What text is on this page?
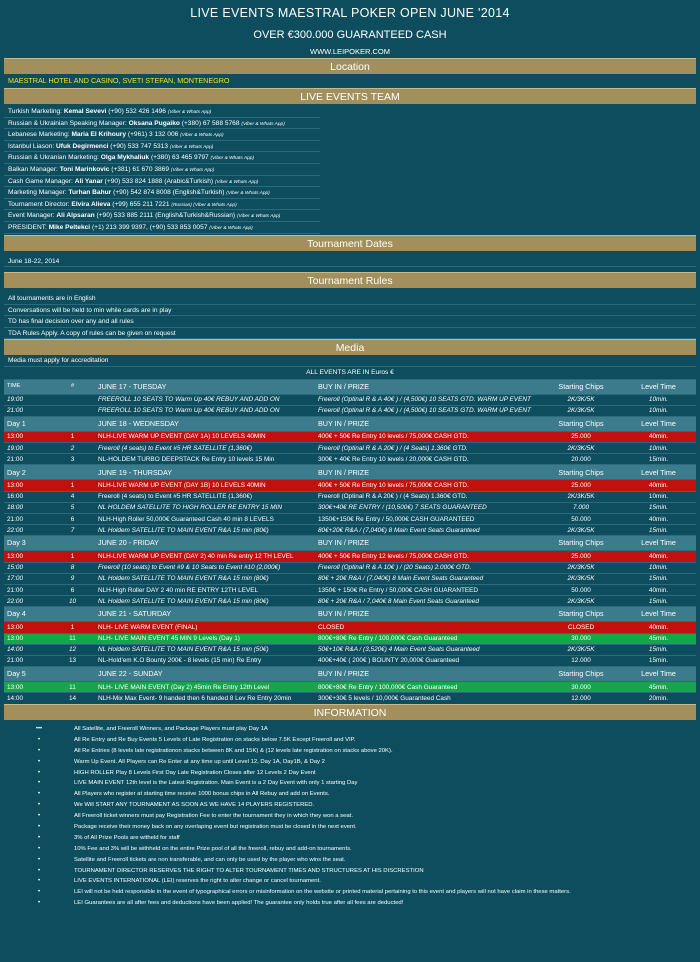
LIVE EVENTS MAESTRAL POKER OPEN JUNE '2014
OVER €300.000 GUARANTEED CASH
WWW.LEIPOKER.COM
Location
MAESTRAL HOTEL AND CASINO, SVETI STEFAN, MONTENEGRO
LIVE EVENTS TEAM
Turkish Marketing: Kemal Sevevi (+90) 532 426 1496 (Viber & Whats App)
Russian & Ukrainian Speaking Manager: Oksana Pugaiko (+380) 67 588 5768 (Viber & Whats App)
Lebanese Marketing: Maria El Krihoury (+961) 3 132 006 (Viber & Whats App)
Istanbul Liason: Ufuk Degirmenci (+90) 533 747 5313 (Viber & Whats App)
Russian & Ukranian Marketing: Olga Mykhaliuk (+380) 63 465 9797 (Viber & Whats App)
Balkan Manager: Toni Marinkovic (+381) 61 670 3869 (Viber & Whats App)
Cash Game Manager: Ali Yanar (+90) 533 824 1888 (Arabic&Turkish) (Viber & Whats App)
Marketing Manager: Turhan Bahur (+90) 542 874 8008 (English&Turkish) (Viber & Whats App)
Tournament Director: Elvira Alieva (+99) 655 211 7221 (Russian) (Viber & Whats App)
Event Manager: Ali Alpsaran (+90) 533 885 2111 (English&Turkish&Russian) (Viber & Whats App)
PRESIDENT: Mike Peltekci (+1) 213 399 9397, (+90) 533 853 0057 (Viber & Whats App)
Tournament Dates
June 18-22, 2014
Tournament Rules
All tournaments are in English
Conversations will be held to min while cards are in play
TD has final decision over any and all rules
TDA Rules Apply. A copy of rules can be given on request
Media
Media must apply for accreditation
ALL EVENTS ARE IN Euros €
TIME	#	JUNE 17 - TUESDAY	BUY IN / PRIZE	Starting Chips	Level Time
19:00		FREEROLL 10 SEATS TO Warm Up 40€ REBUY AND ADD ON	Freeroll (Optinal R & A 40€ ) / (4,500€) 10 SEATS GTD. WARM UP EVENT	2K/3K/5K	10min.
21:00		FREEROLL 10 SEATS TO Warm Up 40€ REBUY AND ADD ON	Freeroll (Optinal R & A 40€ ) / (4,500€) 10 SEATS GTD. WARM UP EVENT	2K/3K/5K	10min.
Day 1		JUNE 18 - WEDNESDAY	BUY IN / PRIZE	Starting Chips	Level Time
13:00	1	NLH-LIVE WARM UP EVENT (DAY 1A) 10 LEVELS 40MIN	400€ + 50€ Re Entry 10 levels / 75,000€ CASH GTD.	25.000	40min.
19:00	2	Freeroll (4 seats) to Event #5 HR SATELLITE (1,360€)	Freeroll (Optinal R & A 20€ ) / (4 Seats) 1.360€ GTD.	2K/3K/5K	10min.
21:00	3	NL-HOLDEM TURBO DEEPSTACK Re Entry 10 levels 15 Min	300€ + 40€ Re Entry 10 levels / 20,000€ CASH GTD.	20.000	15min.
Day 2		JUNE 19 - THURSDAY	BUY IN / PRIZE	Starting Chips	Level Time
13:00	1	NLH-LIVE WARM UP EVENT (DAY 1B) 10 LEVELS 40MIN	400€ + 50€ Re Entry 10 levels / 75,000€ CASH GTD.	25.000	40min.
16:00	4	Freeroll (4 seats) to Event #5 HR SATELLITE (1,360€)	Freeroll (Optinal R & A 20€ ) / (4 Seats) 1.360€ GTD.	2K/3K/5K	10min.
18:00	5	NL HOLDEM SATELLITE TO HIGH ROLLER RE ENTRY 15 MIN	300€+40€ RE ENTRY / (10,500€) 7 SEATS GUARANTEED	7.000	15min.
21:00	6	NLH-High Roller 50,000€ Guaranteed Cash 40 min 8 LEVELS	1350€+150€ Re Entry / 50,000€ CASH GUARANTEED	50.000	40min.
22:00	7	NL Holdem SATELLITE TO MAIN EVENT R&A 15 min (80€)	80€+20€ R&A / (7,040€) 8 Main Event Seats Guaranteed	2K/3K/5K	15min.
Day 3		JUNE 20 - FRIDAY	BUY IN / PRIZE	Starting Chips	Level Time
13:00	1	NLH-LIVE WARM UP EVENT (DAY 2) 40 min Re entry 12 TH LEVEL	400€ + 50€ Re Entry 12 levels / 75,000€ CASH GTD.	25.000	40min.
15:00	8	Freeroll (10 seats) to Event #9 & 10 Seats to Event #10 (2,000€)	Freeroll (Optinal R & A 10€ ) / (20 Seats) 2.000€ GTD.	2K/3K/5K	10min.
17:00	9	NL Holdem SATELLITE TO MAIN EVENT R&A 15 min (80€)	80€ + 20€ R&A / (7,040€) 8 Main Event Seats Guaranteed	2K/3K/5K	15min.
21:00	6	NLH-High Roller DAY 2 40 min RE ENTRY 12TH LEVEL	1350€ + 150€ Re Entry / 50,000€ CASH GUARANTEED	50.000	40min.
22:00	10	NL Holdem SATELLITE TO MAIN EVENT R&A 15 min (80€)	80€ + 20€ R&A / 7,040€ 8 Main Event Seats Guaranteed	2K/3K/5K	15min.
Day 4		JUNE 21 - SATURDAY	BUY IN / PRIZE	Starting Chips	Level Time
13:00	1	NLH- LIVE WARM EVENT (FINAL)	CLOSED	CLOSED	40min.
13:00	11	NLH- LIVE MAIN EVENT 45 MIN 9 Levels (Day 1)	800€+80€ Re Entry / 100,000€ Cash Guaranteed	30.000	45min.
14:00	12	NL Holdem SATELLITE TO MAIN EVENT R&A 15 min (50€)	50€+10€ R&A / (3,520€) 4 Main Event Seats Guaranteed	2K/3K/5K	15min.
21:00	13	NL-Hold'em K.O Bounty 200€ - 8 levels (15 min) Re Entry	400€+40€ ( 200€ ) BOUNTY 20,000€ Guaranteed	12.000	15min.
Day 5		JUNE 22 - SUNDAY	BUY IN / PRIZE	Starting Chips	Level Time
13:00	11	NLH- LIVE MAIN EVENT (Day 2) 45min Re Entry 12th Level	800€+80€ Re Entry / 100,000€ Cash Guaranteed	30.000	45min.
14:00	14	NLH-Mix Max Event- 9 handed then 6 handed 8 Lev Re Entry 20min	300€+30€ 5 levels / 10,000€ Guaranteed Cash	12.000	20min.
INFORMATION
•••	All Satellite, and Freeroll Winners, and Package Players must play Day 1A
•	All Re Entry and Re Buy Events 5 Levels of Late Registration on stacks below 7.5K Except Freeroll and VIP.
•	All Re Entries (8 levels late registrationon stacks between 8K and 15K) & (12 levels late registration on stacks above 20K).
•	Warm Up Event. All Players can Re Enter at any time up until Level 12, Day 1A, Day1B, & Day 2
•	HIGH ROLLER Play 8 Levels First Day Late Registration Closes after 12 Levels 2 Day Event
•	LIVE MAIN EVENT 12th level is the Latest Registration. Main Event is a 2 Day Event with only 1 starting Day
•	All Players who register at starting time receive 1000 bonus chips in All Rebuy and add on Events.
•	We Will START ANY TOURNAMENT AS SOON AS WE HAVE 14 PLAYERS REGISTERED.
•	All Freeroll ticket winners must pay Registration Fee to enter the tournament they in which they won a seat.
•	Package receive their money back on any overlaping event but registration must be closed in the next event.
•	3% of All Prize Pools are witheld for staff
•	10% Fee and 3% will be withheld on the entire Prize pool of all the freeroll, rebuy and add-on tournaments.
•	Satellite and Freeroll tickets are non transferable, and can only be used by the player who wins the seat.
•	TOURNAMENT DIRECTOR RESERVES THE RIGHT TO ALTER TOURNAMENT TIMES AND STRUCTURES AT HIS DISCRESTION
•	LIVE EVENTS INTERNATIONAL (LEI) reserves the right to alter change or cancel tournament.
•	LEI will not be held responsible in the event of typographical errors or misinformation on the website or printed material pertaining to this event and players will not have claim in these matters.
•	LEI Guarantees are all after fees and deductions have been applied! The guarantee only holds true after all fees are deducted!
